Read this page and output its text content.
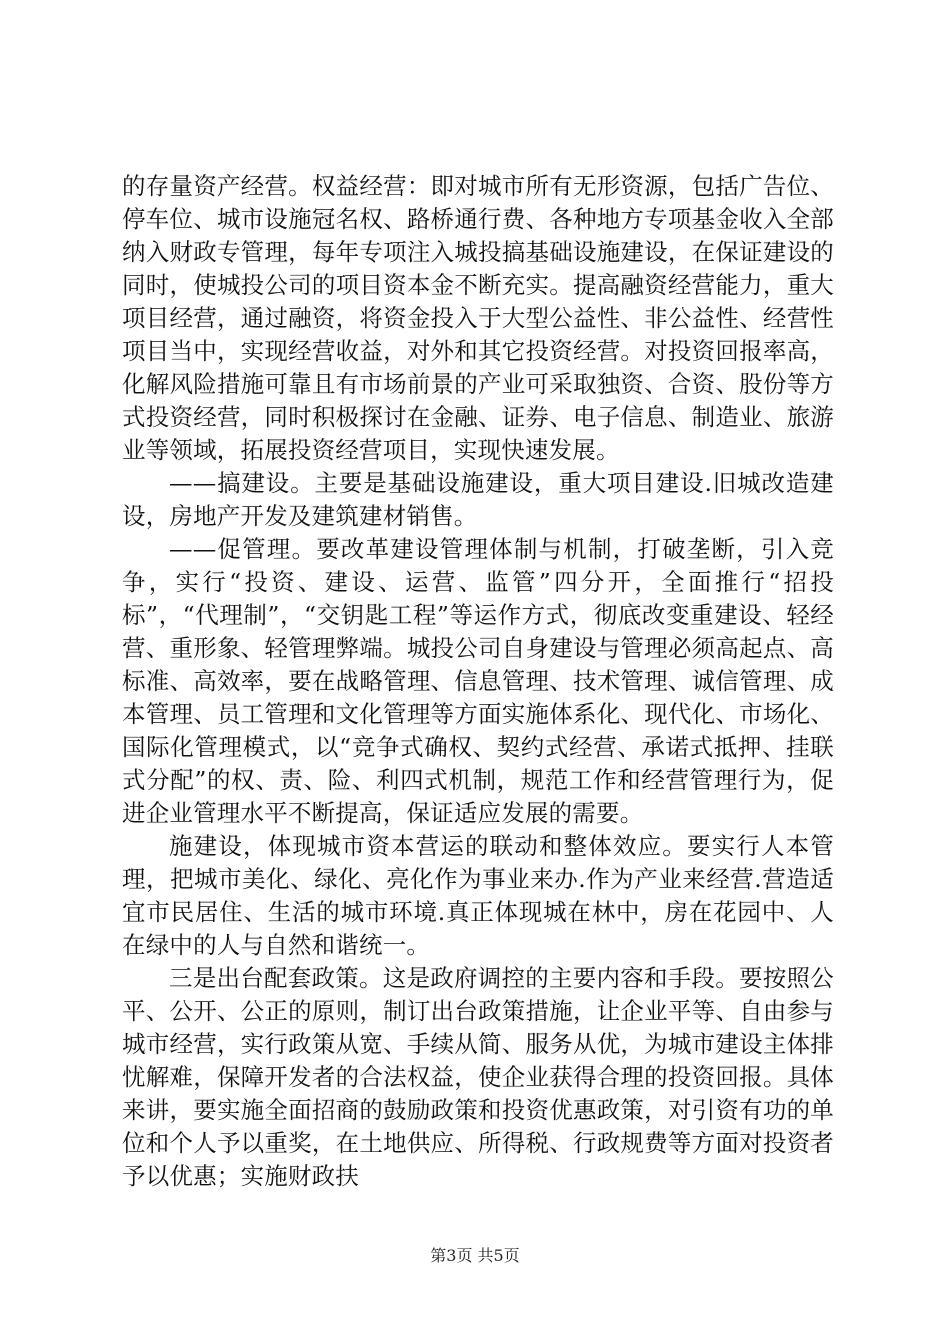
的存量资产经营。权益经营：即对城市所有无形资源，包括广告位、停车位、城市设施冠名权、路桥通行费、各种地方专项基金收入全部纳入财政专管理，每年专项注入城投搞基础设施建设，在保证建设的同时，使城投公司的项目资本金不断充实。提高融资经营能力，重大项目经营，通过融资，将资金投入于大型公益性、非公益性、经营性项目当中，实现经营收益，对外和其它投资经营。对投资回报率高，化解风险措施可靠且有市场前景的产业可采取独资、合资、股份等方式投资经营，同时积极探讨在金融、证券、电子信息、制造业、旅游业等领域，拓展投资经营项目，实现快速发展。

——搞建设。主要是基础设施建设，重大项目建设.旧城改造建设，房地产开发及建筑建材销售。

——促管理。要改革建设管理体制与机制，打破垄断，引入竞争，实行“投资、建设、运营、监管”四分开，全面推行“招投标”，“代理制”，“交钥匙工程”等运作方式，彻底改变重建设、轻经营、重形象、轻管理弊端。城投公司自身建设与管理必须高起点、高标准、高效率，要在战略管理、信息管理、技术管理、诚信管理、成本管理、员工管理和文化管理等方面实施体系化、现代化、市场化、国际化管理模式，以“竞争式确权、契约式经营、承诺式抵押、挂联式分配”的权、责、险、利四式机制，规范工作和经营管理行为，促进企业管理水平不断提高，保证适应发展的需要。

施建设，体现城市资本营运的联动和整体效应。要实行人本管理，把城市美化、绿化、亮化作为事业来办.作为产业来经营.营造适宜市民居住、生活的城市环境.真正体现城在林中，房在花园中、人在绿中的人与自然和谐统一。

三是出台配套政策。这是政府调控的主要内容和手段。要按照公平、公开、公正的原则，制订出台政策措施，让企业平等、自由参与城市经营，实行政策从宽、手续从简、服务从优，为城市建设主体排忧解难，保障开发者的合法权益，使企业获得合理的投资回报。具体来讲，要实施全面招商的鼓励政策和投资优惠政策，对引资有功的单位和个人予以重奖，在土地供应、所得税、行政规费等方面对投资者予以优惠；实施财政扶

第3页 共5页
